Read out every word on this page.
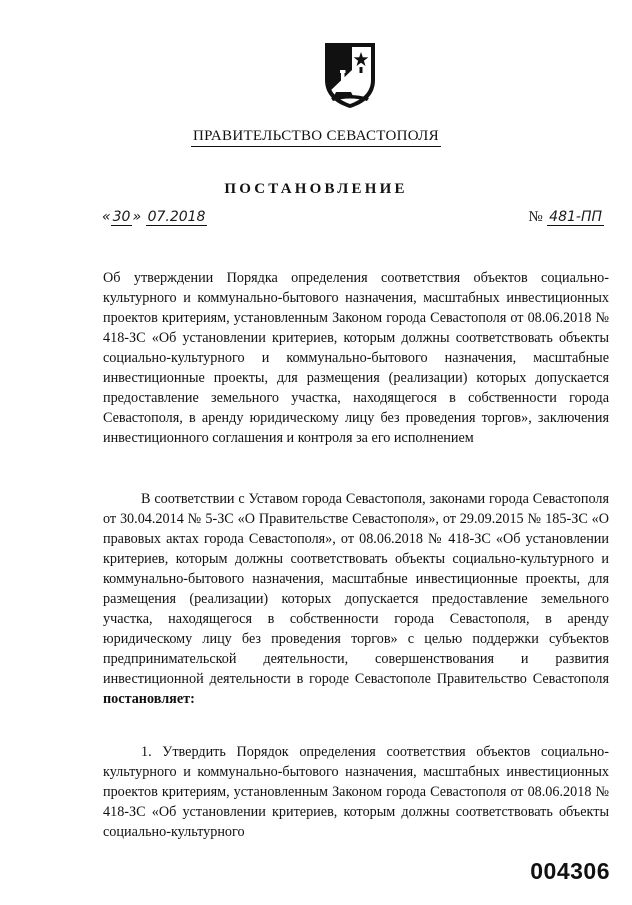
ПРАВИТЕЛЬСТВО СЕВАСТОПОЛЯ
ПОСТАНОВЛЕНИЕ
« 30 » 07.2018	№ 481-ПП
Об утверждении Порядка определения соответствия объектов социально-культурного и коммунально-бытового назначения, масштабных инвестиционных проектов критериям, установленным Законом города Севастополя от 08.06.2018 № 418-ЗС «Об установлении критериев, которым должны соответствовать объекты социально-культурного и коммунально-бытового назначения, масштабные инвестиционные проекты, для размещения (реализации) которых допускается предоставление земельного участка, находящегося в собственности города Севастополя, в аренду юридическому лицу без проведения торгов», заключения инвестиционного соглашения и контроля за его исполнением
В соответствии с Уставом города Севастополя, законами города Севастополя от 30.04.2014 № 5-ЗС «О Правительстве Севастополя», от 29.09.2015 № 185-ЗС «О правовых актах города Севастополя», от 08.06.2018 № 418-ЗС «Об установлении критериев, которым должны соответствовать объекты социально-культурного и коммунально-бытового назначения, масштабные инвестиционные проекты, для размещения (реализации) которых допускается предоставление земельного участка, находящегося в собственности города Севастополя, в аренду юридическому лицу без проведения торгов» с целью поддержки субъектов предпринимательской деятельности, совершенствования и развития инвестиционной деятельности в городе Севастополе Правительство Севастополя постановляет:
1. Утвердить Порядок определения соответствия объектов социально-культурного и коммунально-бытового назначения, масштабных инвестиционных проектов критериям, установленным Законом города Севастополя от 08.06.2018 № 418-ЗС «Об установлении критериев, которым должны соответствовать объекты социально-культурного
004306
